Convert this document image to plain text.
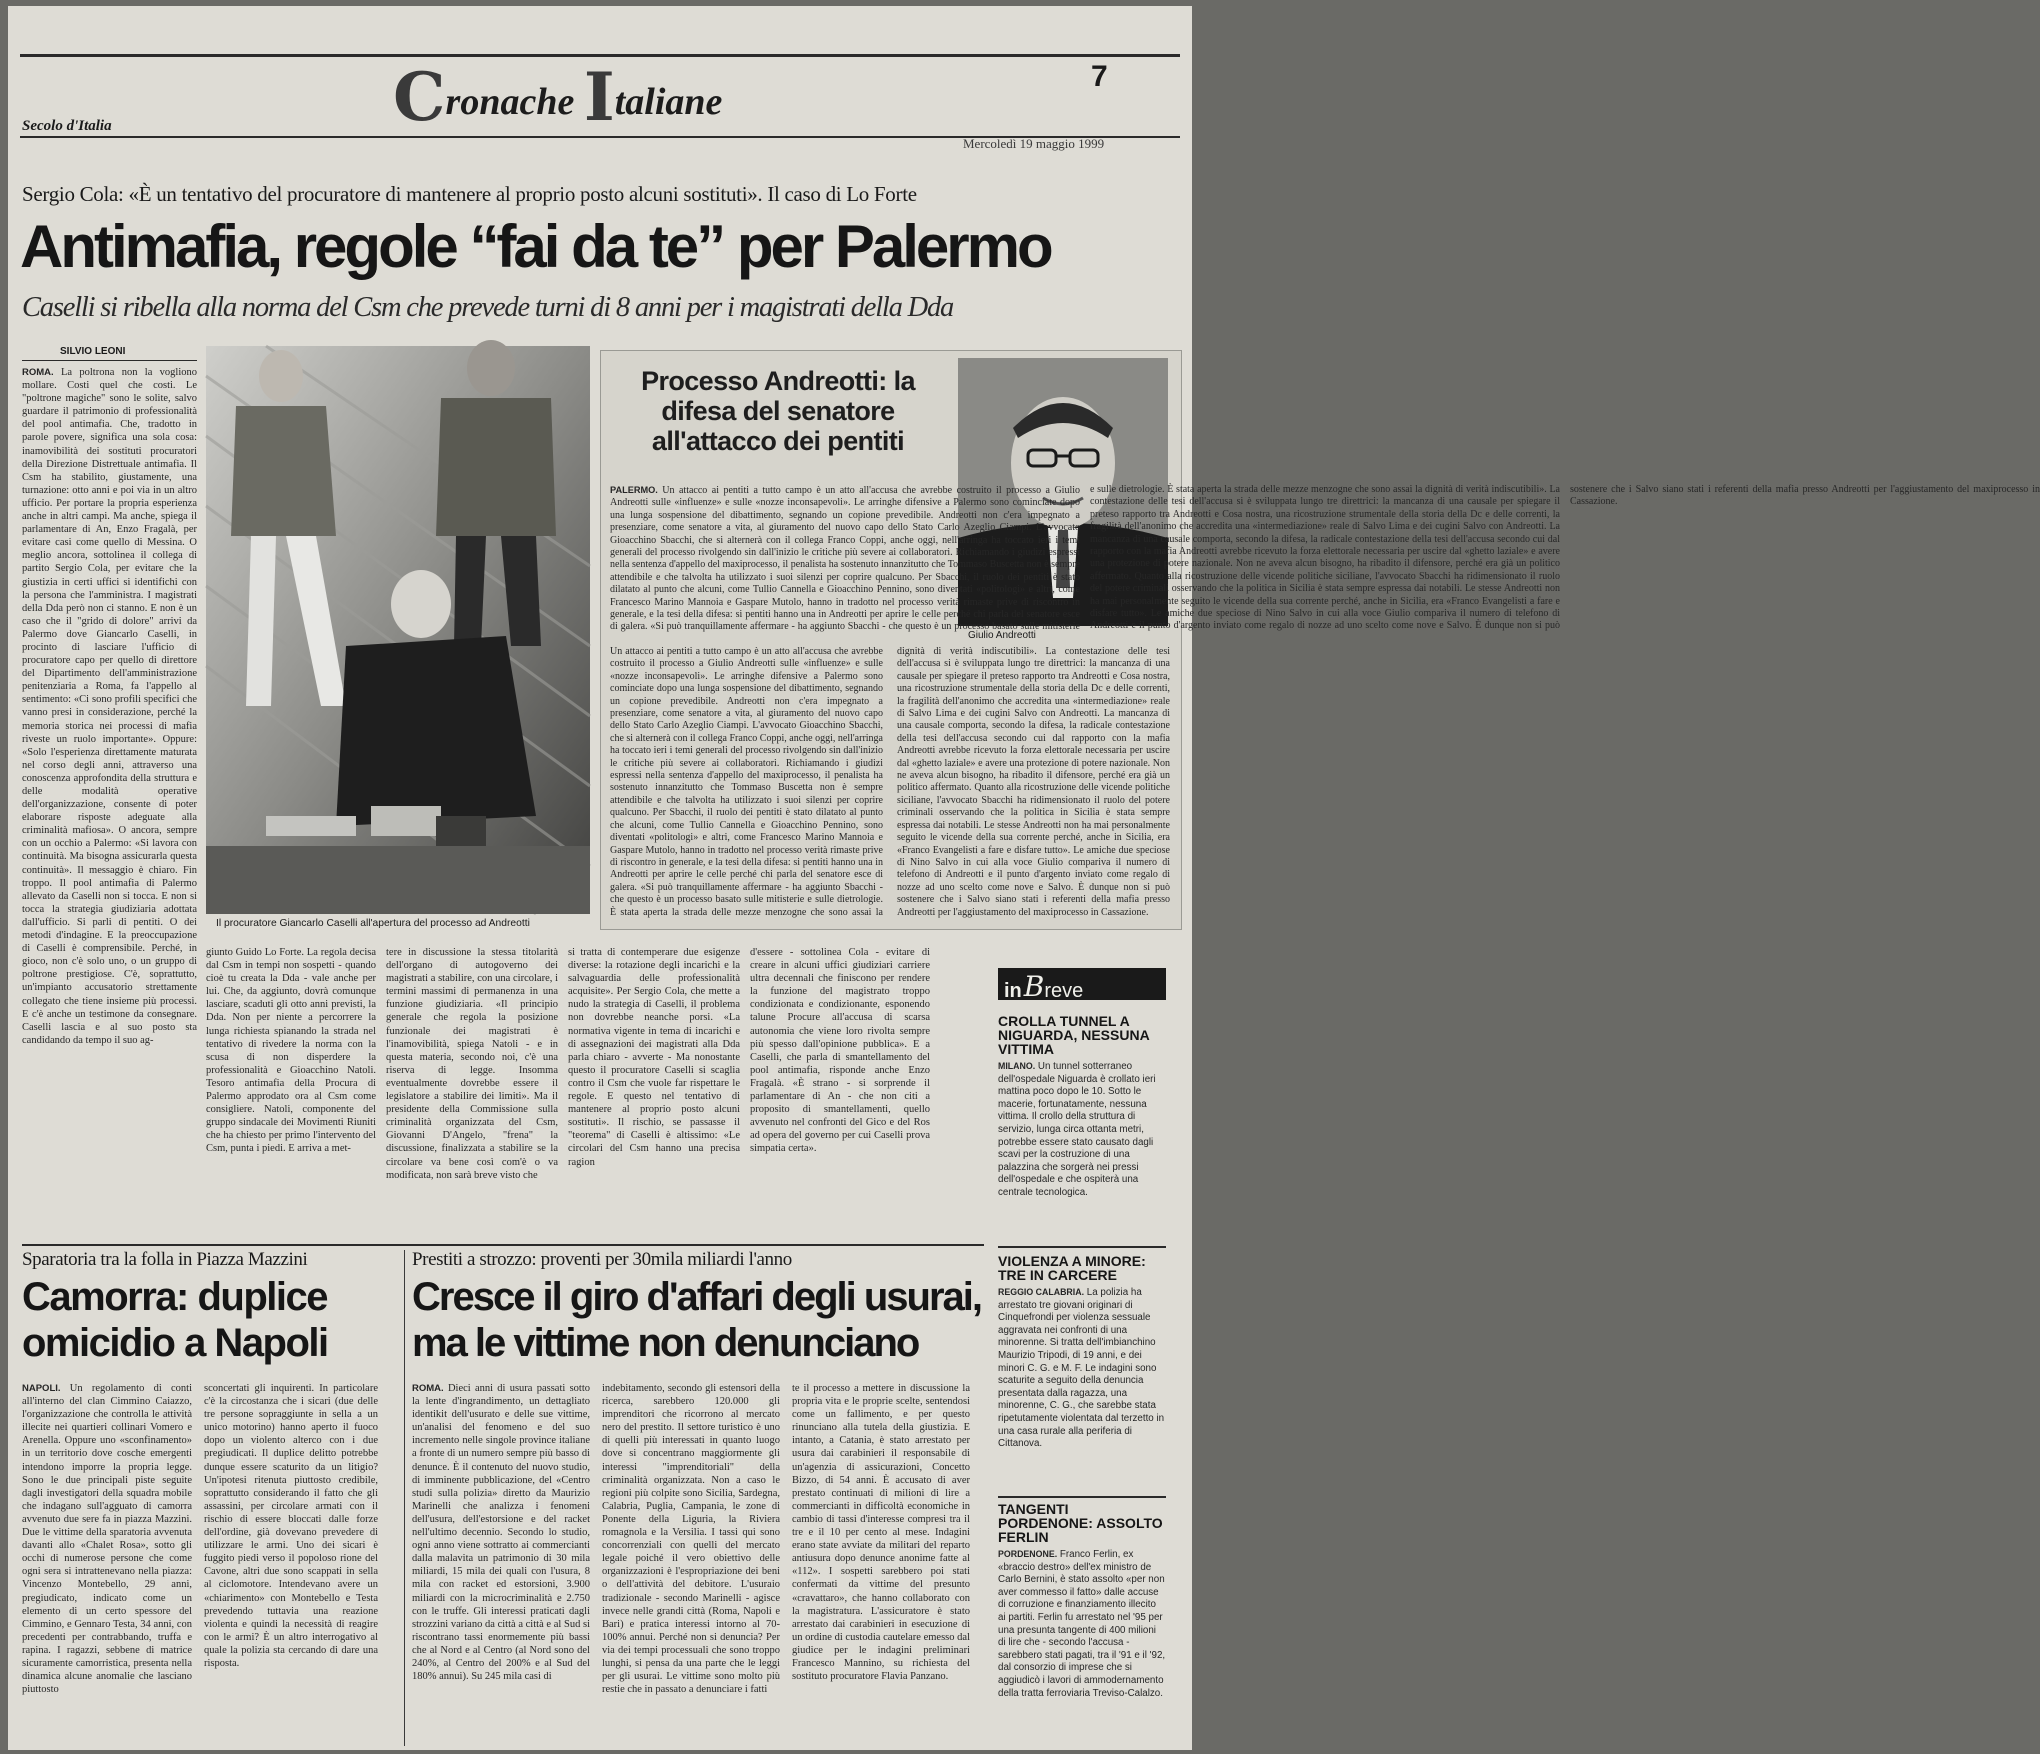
Cronache Italiane
7
Secolo d'Italia
Mercoledì 19 maggio 1999
Sergio Cola: «È un tentativo del procuratore di mantenere al proprio posto alcuni sostituti». Il caso di Lo Forte
Antimafia, regole “fai da te” per Palermo
Caselli si ribella alla norma del Csm che prevede turni di 8 anni per i magistrati della Dda
SILVIO LEONI
ROMA. La poltrona non la vogliono mollare. Costi quel che costi. Le "poltrone magiche" sono le solite, salvo guardare il patrimonio di professionalità del pool antimafia. Che, tradotto in parole povere, significa una sola cosa: inamovibilità dei sostituti procuratori della Direzione Distrettuale antimafia. Il Csm ha stabilito, giustamente, una turnazione: otto anni e poi via in un altro ufficio. Per portare la propria esperienza anche in altri campi. Ma anche, spiega il parlamentare di An, Enzo Fragalà, per evitare casi come quello di Messina. O meglio ancora, sottolinea il collega di partito Sergio Cola, per evitare che la giustizia in certi uffici si identifichi con la persona che l'amministra. I magistrati della Dda però non ci stanno. E non è un caso che il "grido di dolore" arrivi da Palermo dove Giancarlo Caselli, in procinto di lasciare l'ufficio di procuratore capo per quello di direttore del Dipartimento dell'amministrazione penitenziaria a Roma, fa l'appello al sentimento: «Ci sono profili specifici che vanno presi in considerazione, perché la memoria storica nei processi di mafia riveste un ruolo importante». Oppure: «Solo l'esperienza direttamente maturata nel corso degli anni, attraverso una conoscenza approfondita della struttura e delle modalità operative dell'organizzazione, consente di poter elaborare risposte adeguate alla criminalità mafiosa». O ancora, sempre con un occhio a Palermo: «Si lavora con continuità. Ma bisogna assicurarla questa continuità». Il messaggio è chiaro. Fin troppo. Il pool antimafia di Palermo allevato da Caselli non si tocca. E non si tocca la strategia giudiziaria adottata dall'ufficio. Si parli di pentiti. O dei metodi d'indagine. E la preoccupazione di Caselli è comprensibile. Perché, in gioco, non c'è solo uno, o un gruppo di poltrone prestigiose. C'è, soprattutto, un'impianto accusatorio strettamente collegato che tiene insieme più processi. E c'è anche un testimone da consegnare. Caselli lascia e al suo posto sta candidando da tempo il suo ag-
Il procuratore Giancarlo Caselli all'apertura del processo ad Andreotti
Processo Andreotti: la difesa del senatore all'attacco dei pentiti
Giulio Andreotti
PALERMO. Un attacco ai pentiti a tutto campo è un atto all'accusa che avrebbe costruito il processo a Giulio Andreotti sulle «influenze» e sulle «nozze inconsapevoli». Le arringhe difensive a Palermo sono cominciate dopo una lunga sospensione del dibattimento, segnando un copione prevedibile. Andreotti non c'era impegnato a presenziare, come senatore a vita, al giuramento del nuovo capo dello Stato Carlo Azeglio Ciampi. L'avvocato Gioacchino Sbacchi, che si alternerà con il collega Franco Coppi, anche oggi, nell'arringa ha toccato ieri i temi generali del processo rivolgendo sin dall'inizio le critiche più severe ai collaboratori. Richiamando i giudizi espressi nella sentenza d'appello del maxiprocesso, il penalista ha sostenuto innanzitutto che Tommaso Buscetta non è sempre attendibile e che talvolta ha utilizzato i suoi silenzi per coprire qualcuno. Per Sbacchi, il ruolo dei pentiti è stato dilatato al punto che alcuni, come Tullio Cannella e Gioacchino Pennino, sono diventati «politologi» e altri, come Francesco Marino Mannoia e Gaspare Mutolo, hanno in tradotto nel processo verità rimaste prive di riscontro in generale, e la tesi della difesa: si pentiti hanno una in Andreotti per aprire le celle perché chi parla del senatore esce di galera. «Si può tranquillamente affermare - ha aggiunto Sbacchi - che questo è un processo basato sulle mitisterie e sulle dietrologie. È stata aperta la strada delle mezze menzogne che sono assai la dignità di verità indiscutibili». La contestazione delle tesi dell'accusa si è sviluppata lungo tre direttrici: la mancanza di una causale per spiegare il preteso rapporto tra Andreotti e Cosa nostra, una ricostruzione strumentale della storia della Dc e delle correnti, la fragilità dell'anonimo che accredita una «intermediazione» reale di Salvo Lima e dei cugini Salvo con Andreotti. La mancanza di una causale comporta, secondo la difesa, la radicale contestazione della tesi dell'accusa secondo cui dal rapporto con la mafia Andreotti avrebbe ricevuto la forza elettorale necessaria per uscire dal «ghetto laziale» e avere una protezione di potere nazionale. Non ne aveva alcun bisogno, ha ribadito il difensore, perché era già un politico affermato. Quanto alla ricostruzione delle vicende politiche siciliane, l'avvocato Sbacchi ha ridimensionato il ruolo del potere criminali osservando che la politica in Sicilia è stata sempre espressa dai notabili. Le stesse Andreotti non ha mai personalmente seguito le vicende della sua corrente perché, anche in Sicilia, era «Franco Evangelisti a fare e disfare tutto». Le amiche due speciose di Nino Salvo in cui alla voce Giulio compariva il numero di telefono di Andreotti e il punto d'argento inviato come regalo di nozze ad uno scelto come nove e Salvo. È dunque non si può sostenere che i Salvo siano stati i referenti della mafia presso Andreotti per l'aggiustamento del maxiprocesso in Cassazione.
Un attacco ai pentiti a tutto campo è un atto all'accusa che avrebbe costruito il processo a Giulio Andreotti sulle «influenze» e sulle «nozze inconsapevoli». Le arringhe difensive a Palermo sono cominciate dopo una lunga sospensione del dibattimento, segnando un copione prevedibile. Andreotti non c'era impegnato a presenziare, come senatore a vita, al giuramento del nuovo capo dello Stato Carlo Azeglio Ciampi. L'avvocato Gioacchino Sbacchi, che si alternerà con il collega Franco Coppi, anche oggi, nell'arringa ha toccato ieri i temi generali del processo rivolgendo sin dall'inizio le critiche più severe ai collaboratori. Richiamando i giudizi espressi nella sentenza d'appello del maxiprocesso, il penalista ha sostenuto innanzitutto che Tommaso Buscetta non è sempre attendibile e che talvolta ha utilizzato i suoi silenzi per coprire qualcuno. Per Sbacchi, il ruolo dei pentiti è stato dilatato al punto che alcuni, come Tullio Cannella e Gioacchino Pennino, sono diventati «politologi» e altri, come Francesco Marino Mannoia e Gaspare Mutolo, hanno in tradotto nel processo verità rimaste prive di riscontro in generale, e la tesi della difesa: si pentiti hanno una in Andreotti per aprire le celle perché chi parla del senatore esce di galera. «Si può tranquillamente affermare - ha aggiunto Sbacchi - che questo è un processo basato sulle mitisterie e sulle dietrologie. È stata aperta la strada delle mezze menzogne che sono assai la dignità di verità indiscutibili». La contestazione delle tesi dell'accusa si è sviluppata lungo tre direttrici: la mancanza di una causale per spiegare il preteso rapporto tra Andreotti e Cosa nostra, una ricostruzione strumentale della storia della Dc e delle correnti, la fragilità dell'anonimo che accredita una «intermediazione» reale di Salvo Lima e dei cugini Salvo con Andreotti. La mancanza di una causale comporta, secondo la difesa, la radicale contestazione della tesi dell'accusa secondo cui dal rapporto con la mafia Andreotti avrebbe ricevuto la forza elettorale necessaria per uscire dal «ghetto laziale» e avere una protezione di potere nazionale. Non ne aveva alcun bisogno, ha ribadito il difensore, perché era già un politico affermato. Quanto alla ricostruzione delle vicende politiche siciliane, l'avvocato Sbacchi ha ridimensionato il ruolo del potere criminali osservando che la politica in Sicilia è stata sempre espressa dai notabili. Le stesse Andreotti non ha mai personalmente seguito le vicende della sua corrente perché, anche in Sicilia, era «Franco Evangelisti a fare e disfare tutto». Le amiche due speciose di Nino Salvo in cui alla voce Giulio compariva il numero di telefono di Andreotti e il punto d'argento inviato come regalo di nozze ad uno scelto come nove e Salvo. È dunque non si può sostenere che i Salvo siano stati i referenti della mafia presso Andreotti per l'aggiustamento del maxiprocesso in Cassazione.
giunto Guido Lo Forte. La regola decisa dal Csm in tempi non sospetti - quando cioè tu creata la Dda - vale anche per lui. Che, da aggiunto, dovrà comunque lasciare, scaduti gli otto anni previsti, la Dda. Non per niente a percorrere la lunga richiesta spianando la strada nel tentativo di rivedere la norma con la scusa di non disperdere la professionalità e Gioacchino Natoli. Tesoro antimafia della Procura di Palermo approdato ora al Csm come consigliere. Natoli, componente del gruppo sindacale dei Movimenti Riuniti che ha chiesto per primo l'intervento del Csm, punta i piedi. E arriva a met-
tere in discussione la stessa titolarità dell'organo di autogoverno dei magistrati a stabilire, con una circolare, i termini massimi di permanenza in una funzione giudiziaria. «Il principio generale che regola la posizione funzionale dei magistrati è l'inamovibilità, spiega Natoli - e in questa materia, secondo noi, c'è una riserva di legge. Insomma eventualmente dovrebbe essere il legislatore a stabilire dei limiti». Ma il presidente della Commissione sulla criminalità organizzata del Csm, Giovanni D'Angelo, "frena" la discussione, finalizzata a stabilire se la circolare va bene così com'è o va modificata, non sarà breve visto che
si tratta di contemperare due esigenze diverse: la rotazione degli incarichi e la salvaguardia delle professionalità acquisite». Per Sergio Cola, che mette a nudo la strategia di Caselli, il problema non dovrebbe neanche porsi. «La normativa vigente in tema di incarichi e di assegnazioni dei magistrati alla Dda parla chiaro - avverte - Ma nonostante questo il procuratore Caselli si scaglia contro il Csm che vuole far rispettare le regole. E questo nel tentativo di mantenere al proprio posto alcuni sostituti». Il rischio, se passasse il "teorema" di Caselli è altissimo: «Le circolari del Csm hanno una precisa ragion
d'essere - sottolinea Cola - evitare di creare in alcuni uffici giudiziari carriere ultra decennali che finiscono per rendere la funzione del magistrato troppo condizionata e condizionante, esponendo talune Procure all'accusa di scarsa autonomia che viene loro rivolta sempre più spesso dall'opinione pubblica». E a Caselli, che parla di smantellamento del pool antimafia, risponde anche Enzo Fragalà. «È strano - si sorprende il parlamentare di An - che non citi a proposito di smantellamenti, quello avvenuto nel confronti del Gico e del Ros ad opera del governo per cui Caselli prova simpatia certa».
inBreve
CROLLA TUNNEL A NIGUARDA, NESSUNA VITTIMA
MILANO. Un tunnel sotterraneo dell'ospedale Niguarda è crollato ieri mattina poco dopo le 10. Sotto le macerie, fortunatamente, nessuna vittima. Il crollo della struttura di servizio, lunga circa ottanta metri, potrebbe essere stato causato dagli scavi per la costruzione di una palazzina che sorgerà nei pressi dell'ospedale e che ospiterà una centrale tecnologica.
VIOLENZA A MINORE: TRE IN CARCERE
REGGIO CALABRIA. La polizia ha arrestato tre giovani originari di Cinquefrondi per violenza sessuale aggravata nei confronti di una minorenne. Si tratta dell'imbianchino Maurizio Tripodi, di 19 anni, e dei minori C. G. e M. F. Le indagini sono scaturite a seguito della denuncia presentata dalla ragazza, una minorenne, C. G., che sarebbe stata ripetutamente violentata dal terzetto in una casa rurale alla periferia di Cittanova.
TANGENTI PORDENONE: ASSOLTO FERLIN
PORDENONE. Franco Ferlin, ex «braccio destro» dell'ex ministro de Carlo Bernini, è stato assolto «per non aver commesso il fatto» dalle accuse di corruzione e finanziamento illecito ai partiti. Ferlin fu arrestato nel '95 per una presunta tangente di 400 milioni di lire che - secondo l'accusa - sarebbero stati pagati, tra il '91 e il '92, dal consorzio di imprese che si aggiudicò i lavori di ammodernamento della tratta ferroviaria Treviso-Calalzo.
Sparatoria tra la folla in Piazza Mazzini
Camorra: duplice omicidio a Napoli
NAPOLI. Un regolamento di conti all'interno del clan Cimmino Caiazzo, l'organizzazione che controlla le attività illecite nei quartieri collinari Vomero e Arenella. Oppure uno «sconfinamento» in un territorio dove cosche emergenti intendono imporre la propria legge. Sono le due principali piste seguite dagli investigatori della squadra mobile che indagano sull'agguato di camorra avvenuto due sere fa in piazza Mazzini. Due le vittime della sparatoria avvenuta davanti allo «Chalet Rosa», sotto gli occhi di numerose persone che come ogni sera si intrattenevano nella piazza: Vincenzo Montebello, 29 anni, pregiudicato, indicato come un elemento di un certo spessore del Cimmino, e Gennaro Testa, 34 anni, con precedenti per contrabbando, truffa e rapina. I ragazzi, sebbene di matrice sicuramente camorristica, presenta nella dinamica alcune anomalie che lasciano piuttosto
sconcertati gli inquirenti. In particolare c'è la circostanza che i sicari (due delle tre persone sopraggiunte in sella a un unico motorino) hanno aperto il fuoco dopo un violento alterco con i due pregiudicati. Il duplice delitto potrebbe dunque essere scaturito da un litigio? Un'ipotesi ritenuta piuttosto credibile, soprattutto considerando il fatto che gli assassini, per circolare armati con il rischio di essere bloccati dalle forze dell'ordine, già dovevano prevedere di utilizzare le armi. Uno dei sicari è fuggito piedi verso il popoloso rione del Cavone, altri due sono scappati in sella al ciclomotore. Intendevano avere un «chiarimento» con Montebello e Testa prevedendo tuttavia una reazione violenta e quindi la necessità di reagire con le armi? È un altro interrogativo al quale la polizia sta cercando di dare una risposta.
Prestiti a strozzo: proventi per 30mila miliardi l'anno
Cresce il giro d'affari degli usurai, ma le vittime non denunciano
ROMA. Dieci anni di usura passati sotto la lente d'ingrandimento, un dettagliato identikit dell'usurato e delle sue vittime, un'analisi del fenomeno e del suo incremento nelle singole province italiane a fronte di un numero sempre più basso di denunce. È il contenuto del nuovo studio, di imminente pubblicazione, del «Centro studi sulla polizia» diretto da Maurizio Marinelli che analizza i fenomeni dell'usura, dell'estorsione e del racket nell'ultimo decennio. Secondo lo studio, ogni anno viene sottratto ai commercianti dalla malavita un patrimonio di 30 mila miliardi, 15 mila dei quali con l'usura, 8 mila con racket ed estorsioni, 3.900 miliardi con la microcriminalità e 2.750 con le truffe. Gli interessi praticati dagli strozzini variano da città a città e al Sud si riscontrano tassi enormemente più bassi che al Nord e al Centro (al Nord sono del 240%, al Centro del 200% e al Sud del 180% annui). Su 245 mila casi di
indebitamento, secondo gli estensori della ricerca, sarebbero 120.000 gli imprenditori che ricorrono al mercato nero del prestito. Il settore turistico è uno di quelli più interessati in quanto luogo dove si concentrano maggiormente gli interessi "imprenditoriali" della criminalità organizzata. Non a caso le regioni più colpite sono Sicilia, Sardegna, Calabria, Puglia, Campania, le zone di Ponente della Liguria, la Riviera romagnola e la Versilia. I tassi qui sono concorrenziali con quelli del mercato legale poiché il vero obiettivo delle organizzazioni è l'espropriazione dei beni o dell'attività del debitore. L'usuraio tradizionale - secondo Marinelli - agisce invece nelle grandi città (Roma, Napoli e Bari) e pratica interessi intorno al 70-100% annui. Perché non si denuncia? Per via dei tempi processuali che sono troppo lunghi, si pensa da una parte che le leggi per gli usurai. Le vittime sono molto più restie che in passato a denunciare i fatti
te il processo a mettere in discussione la propria vita e le proprie scelte, sentendosi come un fallimento, e per questo rinunciano alla tutela della giustizia. E intanto, a Catania, è stato arrestato per usura dai carabinieri il responsabile di un'agenzia di assicurazioni, Concetto Bizzo, di 54 anni. È accusato di aver prestato continuati di milioni di lire a commercianti in difficoltà economiche in cambio di tassi d'interesse compresi tra il tre e il 10 per cento al mese. Indagini erano state avviate da militari del reparto antiusura dopo denunce anonime fatte al «112». I sospetti sarebbero poi stati confermati da vittime del presunto «cravattaro», che hanno collaborato con la magistratura. L'assicuratore è stato arrestato dai carabinieri in esecuzione di un ordine di custodia cautelare emesso dal giudice per le indagini preliminari Francesco Mannino, su richiesta del sostituto procuratore Flavia Panzano.
